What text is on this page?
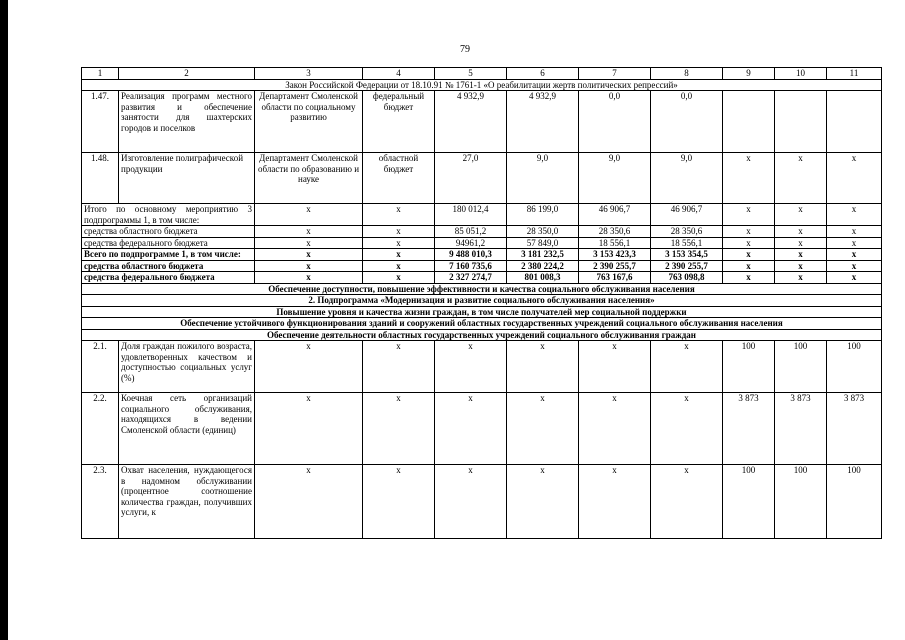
79
1	2	3	4	5	6	7	8	9	10	11
Закон Российской Федерации от 18.10.91 № 1761-1 «О реабилитации жертв политических репрессий»										
1.47.	Реализация программ местного развития и обеспечение занятости для шахтерских городов и поселков	Департамент Смоленской области по социальному развитию	федеральный бюджет	4 932,9	4 932,9	0,0	0,0			
1.48.	Изготовление полиграфической продукции	Департамент Смоленской области по образованию и науке	областной бюджет	27,0	9,0	9,0	9,0	х	х	х
Итого по основному мероприятию 3 подпрограммы 1, в том числе:		х	х	180 012,4	86 199,0	46 906,7	46 906,7	х	х	х
средства областного бюджета		х	х	85 051,2	28 350,0	28 350,6	28 350,6	х	х	х
средства федерального бюджета		х	х	94961,2	57 849,0	18 556,1	18 556,1	х	х	х
Всего по подпрограмме 1, в том числе:		х	х	9 488 010,3	3 181 232,5	3 153 423,3	3 153 354,5	х	х	х
средства областного бюджета		х	х	7 160 735,6	2 380 224,2	2 390 255,7	2 390 255,7	х	х	х
средства федерального бюджета		х	х	2 327 274,7	801 008,3	763 167,6	763 098,8	х	х	х
Обеспечение доступности, повышение эффективности и качества социального обслуживания населения										
2. Подпрограмма «Модернизация и развитие социального обслуживания населения»										
Повышение уровня и качества жизни граждан, в том числе получателей мер социальной поддержки										
Обеспечение устойчивого функционирования зданий и сооружений областных государственных учреждений социального обслуживания населения										
Обеспечение деятельности областных государственных учреждений социального обслуживания граждан										
2.1.	Доля граждан пожилого возраста, удовлетворенных качеством и доступностью социальных услуг (%)	х	х	х	х	х	х	100	100	100
2.2.	Коечная сеть организаций социального обслуживания, находящихся в ведении Смоленской области (единиц)	х	х	х	х	х	х	3 873	3 873	3 873
2.3.	Охват населения, нуждающегося в надомном обслуживании (процентное соотношение количества граждан, получивших услуги, к	х	х	х	х	х	х	100	100	100
